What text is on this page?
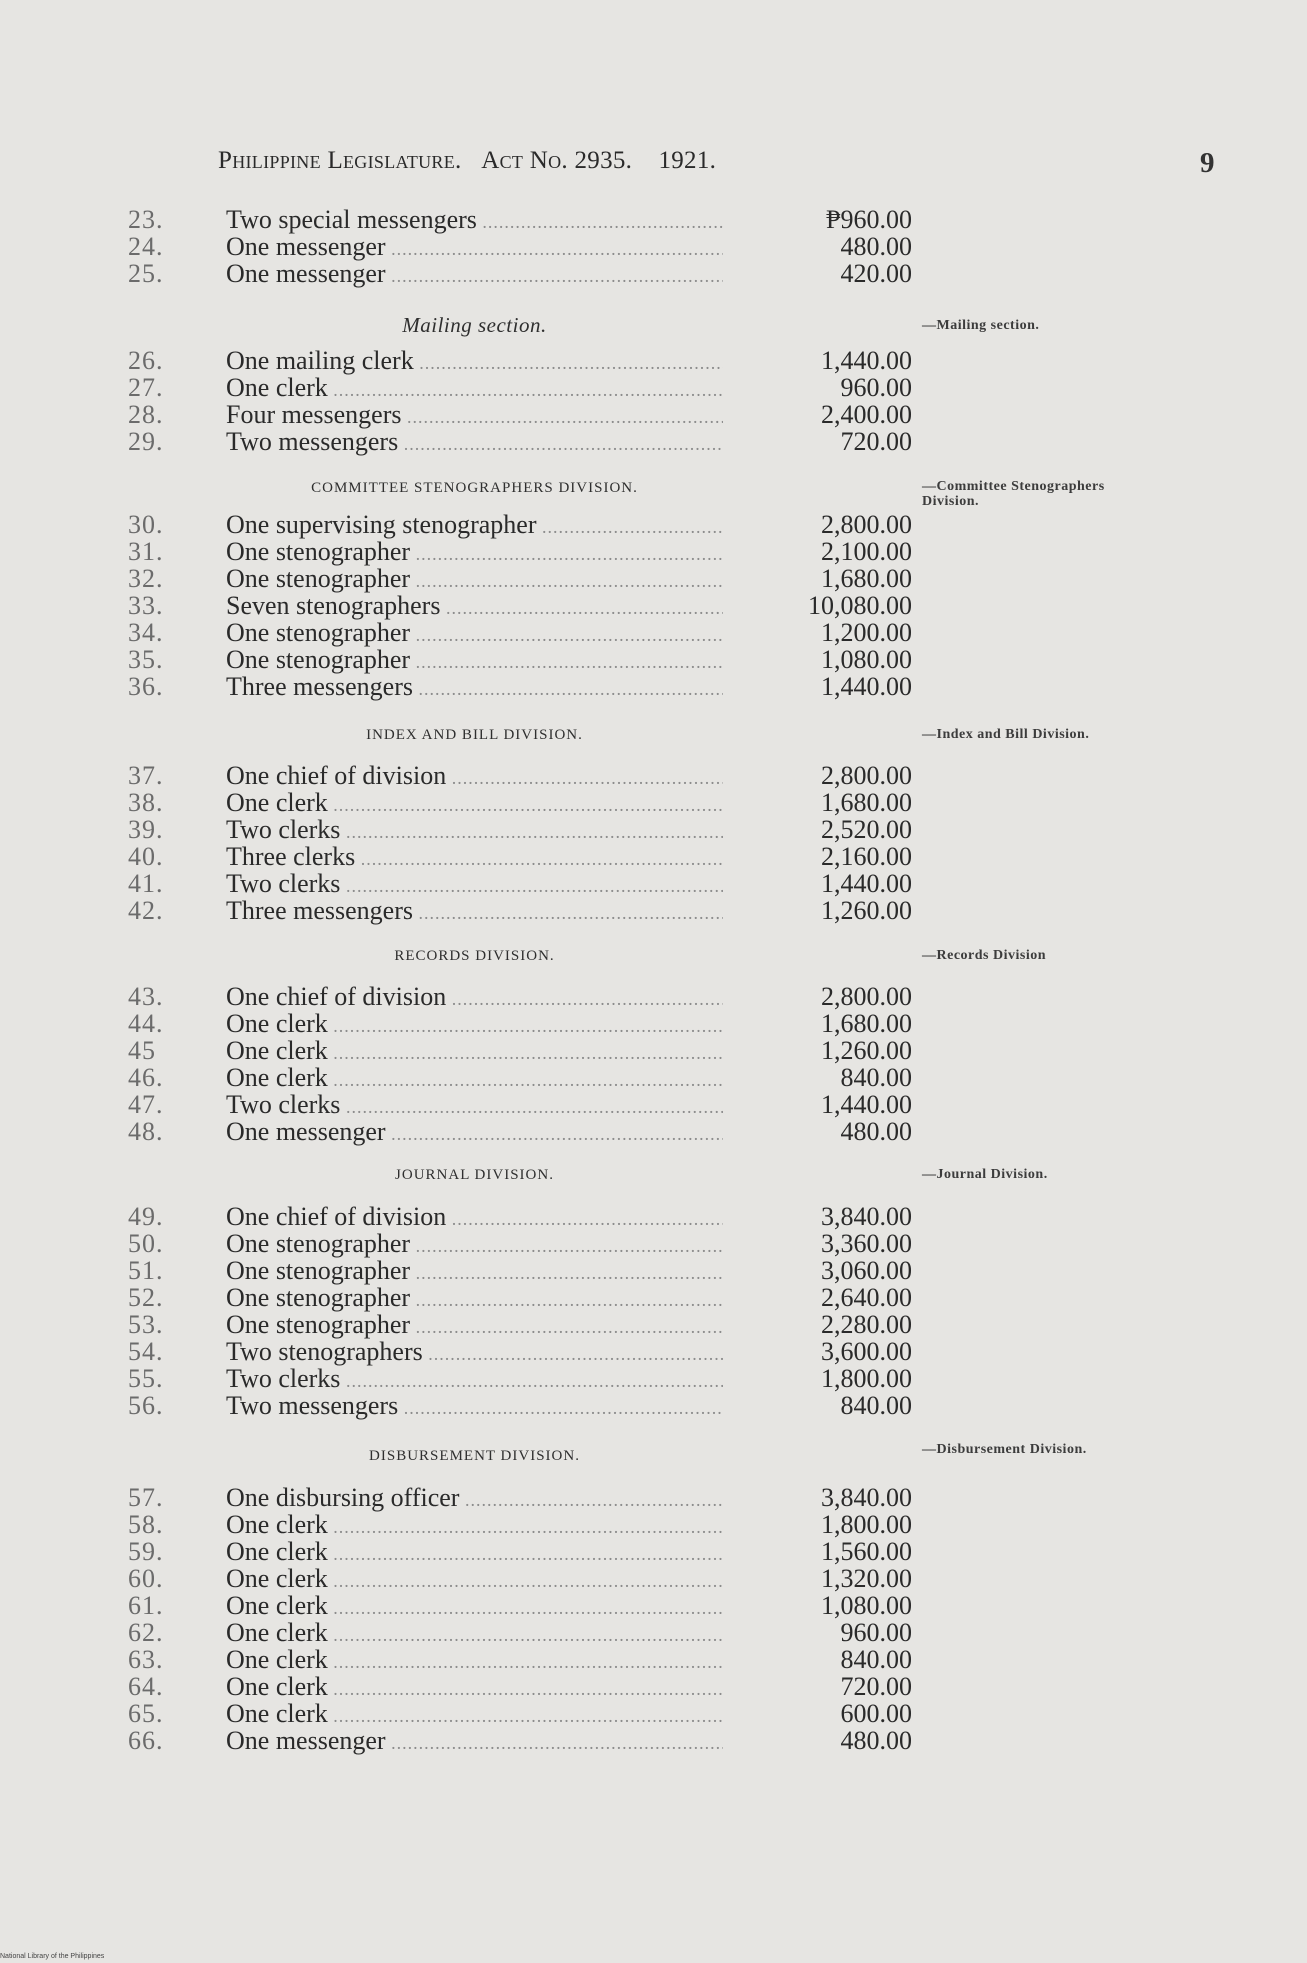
Philippine Legislature. Act No. 2935. 1921.	9
23.	Two special messengers .....	₱960.00
24.	One messenger .....	480.00
25.	One messenger .....	420.00
26.	One mailing clerk .....	1,440.00
27.	One clerk .....	960.00
28.	Four messengers .....	2,400.00
29.	Two messengers .....	720.00
30.	One supervising stenographer .....	2,800.00
31.	One stenographer .....	2,100.00
32.	One stenographer .....	1,680.00
33.	Seven stenographers .....	10,080.00
34.	One stenographer .....	1,200.00
35.	One stenographer .....	1,080.00
36.	Three messengers .....	1,440.00
37.	One chief of division .....	2,800.00
38.	One clerk .....	1,680.00
39.	Two clerks .....	2,520.00
40.	Three clerks .....	2,160.00
41.	Two clerks .....	1,440.00
42.	Three messengers .....	1,260.00
43.	One chief of division .....	2,800.00
44.	One clerk .....	1,680.00
45	One clerk .....	1,260.00
46.	One clerk .....	840.00
47.	Two clerks .....	1,440.00
48.	One messenger .....	480.00
49.	One chief of division .....	3,840.00
50.	One stenographer .....	3,360.00
51.	One stenographer .....	3,060.00
52.	One stenographer .....	2,640.00
53.	One stenographer .....	2,280.00
54.	Two stenographers .....	3,600.00
55.	Two clerks .....	1,800.00
56.	Two messengers .....	840.00
57.	One disbursing officer .....	3,840.00
58.	One clerk .....	1,800.00
59.	One clerk .....	1,560.00
60.	One clerk .....	1,320.00
61.	One clerk .....	1,080.00
62.	One clerk .....	960.00
63.	One clerk .....	840.00
64.	One clerk .....	720.00
65.	One clerk .....	600.00
66.	One messenger .....	480.00
Mailing section.	—Mailing section.
COMMITTEE STENOGRAPHERS DIVISION.	—Committee Stenographers Division.
INDEX AND BILL DIVISION.	—Index and Bill Division.
RECORDS DIVISION.	—Records Division
JOURNAL DIVISION.	—Journal Division.
DISBURSEMENT DIVISION.	—Disbursement Division.
National Library of the Philippines
